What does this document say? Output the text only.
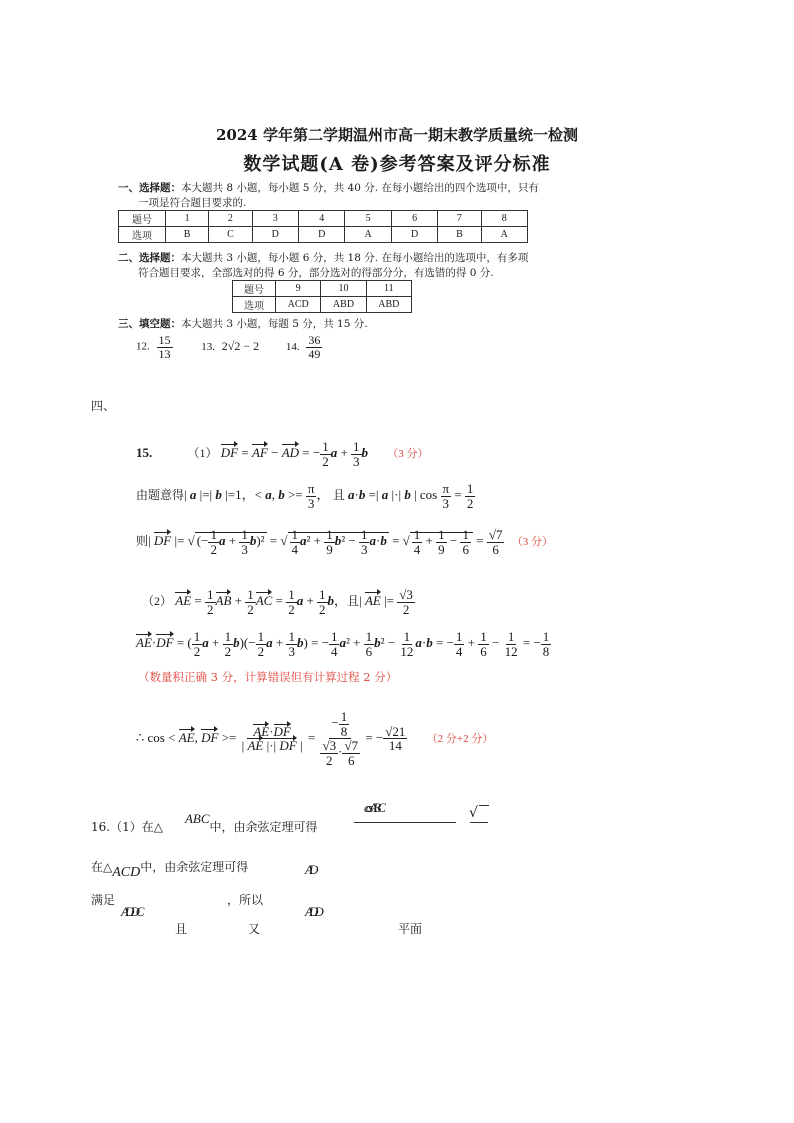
2024 学年第二学期温州市高一期末教学质量统一检测
数学试题(A 卷)参考答案及评分标准
一、选择题：本大题共 8 小题，每小题 5 分，共 40 分. 在每小题给出的四个选项中，只有
一项是符合题目要求的.
题号	1	2	3	4	5	6	7	8
选项	B	C	D	D	A	D	B	A
二、选择题：本大题共 3 小题，每小题 6 分，共 18 分. 在每小题给出的选项中，有多项
符合题目要求，全部选对的得 6 分，部分选对的得部分分，有选错的得 0 分.
题号	9	10	11
选项	ACD	ABD	ABD
三、填空题：本大题共 3 小题，每题 5 分，共 15 分.
12. $\frac{15}{13}$	13. 2√2 − 2 14. $\frac{36}{49}$
四、
15.	（1） DF = AF − AD = − $\frac{1}{2}$ $a + \frac{1}{3}$ b （3 分）
由题意得| a |=| b |=1，< a, $b >= \frac{\pi}{3}$ ， 且 a·b =| a |·| b | $\cos \frac{\pi}{3} = \frac{1}{2}$
则| DF |= √ (− $\frac{1}{2}$ $a + \frac{1}{3} b)^2$ = √ $\frac{1}{4} a^2 + \frac{1}{9} b^2 - \frac{1}{3} a\cdot b$ = √ $\frac{1}{4} + \frac{1}{9} - \frac{1}{6} = \frac{√7}{6} (3$ 分）
（2） AE = $\frac{1}{2}$ AB + $\frac{1}{2}$ AC = $\frac{1}{2}$ $a + \frac{1}{2}$ b，且| AE |= $\frac{√3}{2}$
AE·DF = ( $\frac{1}{2}$ $a + \frac{1}{2} b)(- \frac{1}{2}$ $a + \frac{1}{3} b$) = − $\frac{1}{4} a^2 + \frac{1}{6} b^2 - \frac{1}{12} a\cdot b$ = − $\frac{1}{4} + \frac{1}{6} - \frac{1}{12}$ = − $\frac{1}{8}$
（数量积正确 3 分，计算错误但有计算过程 2 分）
∴ cos < AE, DF >= $\frac{AE\cdot DF}{| AE |\cdot| DF |} = \frac{- \frac{1}{8}}{\frac{√3}{2} \cdot \frac{√7}{6}}$ = − $\frac{√21}{14} (2$ 分+2 分）
16.（1）在△ABC中，由余弦定理可得
cosABC	√
在△ACD中，由余弦定理可得	AD
满足	，所以
ADDC	ADD
且	又	平面
